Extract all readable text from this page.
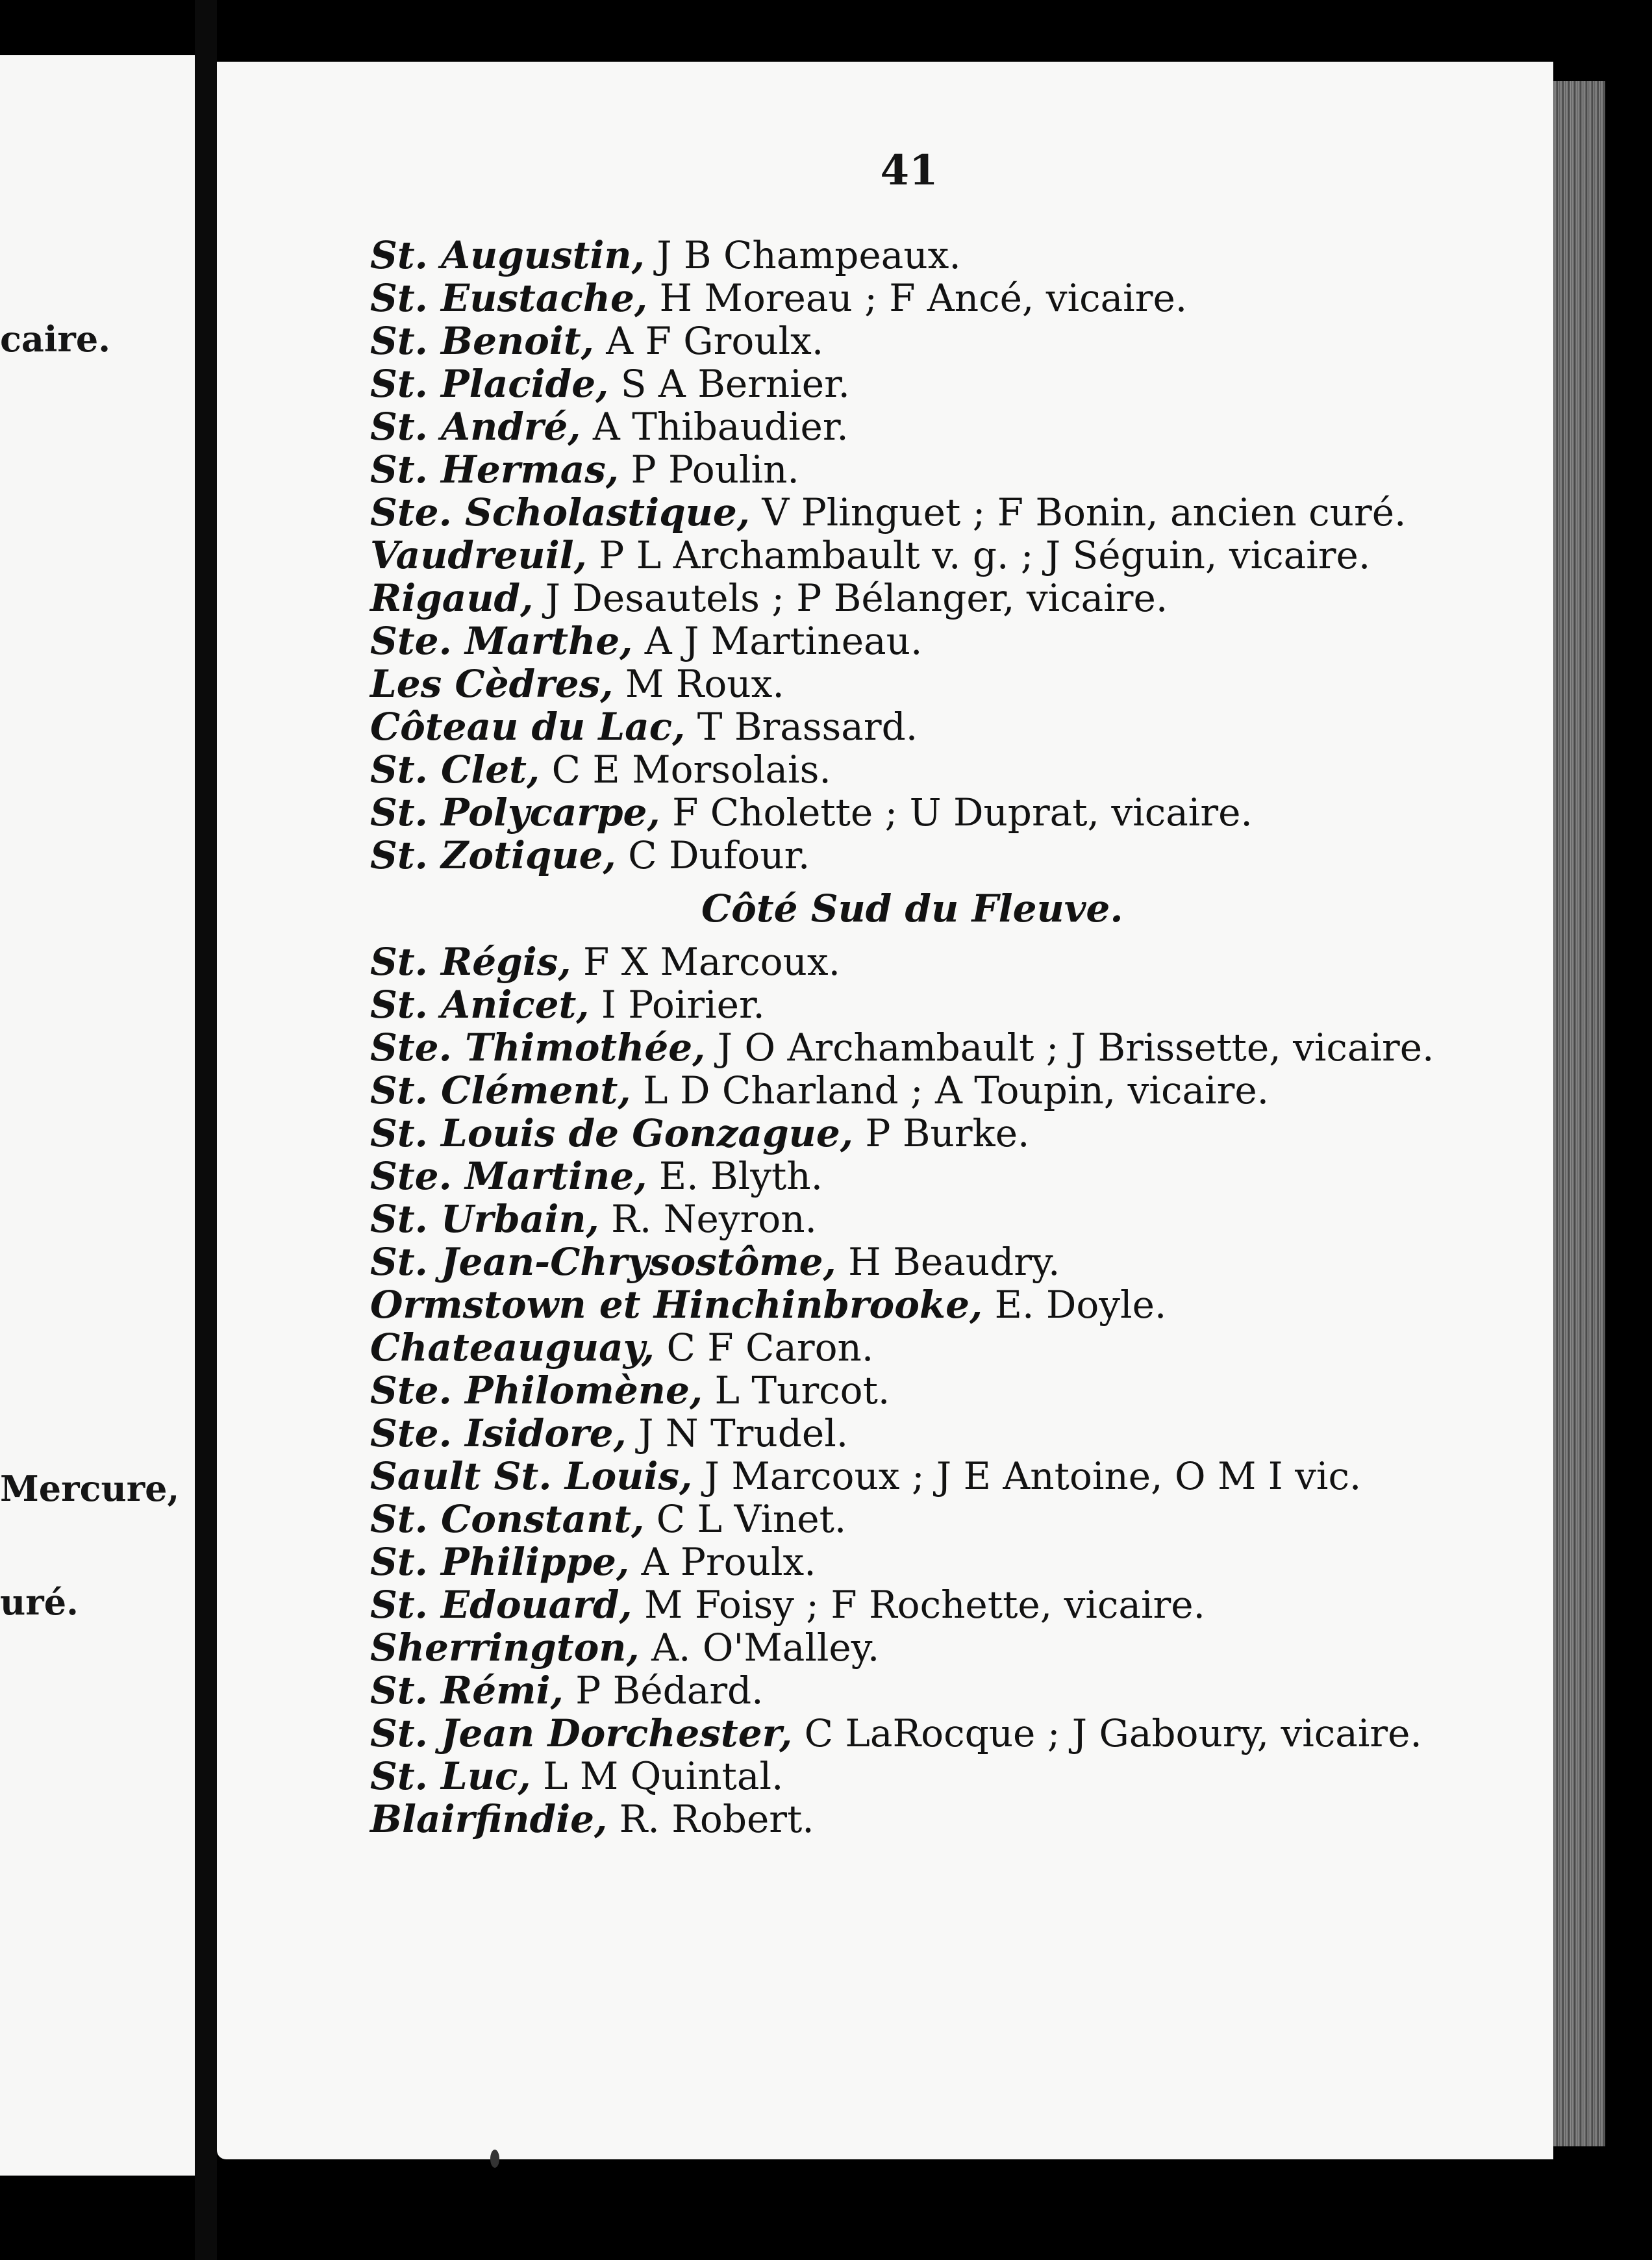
caire.
Mercure,
uré.
41
St. Augustin, J B Champeaux.
St. Eustache, H Moreau ; F Ancé, vicaire.
St. Benoit, A F Groulx.
St. Placide, S A Bernier.
St. André, A Thibaudier.
St. Hermas, P Poulin.
Ste. Scholastique, V Plinguet ; F Bonin, ancien curé.
Vaudreuil, P L Archambault v. g. ; J Séguin, vicaire.
Rigaud, J Desautels ; P Bélanger, vicaire.
Ste. Marthe, A J Martineau.
Les Cèdres, M Roux.
Côteau du Lac, T Brassard.
St. Clet, C E Morsolais.
St. Polycarpe, F Cholette ; U Duprat, vicaire.
St. Zotique, C Dufour.
Côté Sud du Fleuve.
St. Régis, F X Marcoux.
St. Anicet, I Poirier.
Ste. Thimothée, J O Archambault ; J Brissette, vicaire.
St. Clément, L D Charland ; A Toupin, vicaire.
St. Louis de Gonzague, P Burke.
Ste. Martine, E. Blyth.
St. Urbain, R. Neyron.
St. Jean-Chrysostôme, H Beaudry.
Ormstown et Hinchinbrooke, E. Doyle.
Chateauguay, C F Caron.
Ste. Philomène, L Turcot.
Ste. Isidore, J N Trudel.
Sault St. Louis, J Marcoux ; J E Antoine, O M I vic.
St. Constant, C L Vinet.
St. Philippe, A Proulx.
St. Edouard, M Foisy ; F Rochette, vicaire.
Sherrington, A. O'Malley.
St. Rémi, P Bédard.
St. Jean Dorchester, C LaRocque ; J Gaboury, vicaire.
St. Luc, L M Quintal.
Blairfindie, R. Robert.
